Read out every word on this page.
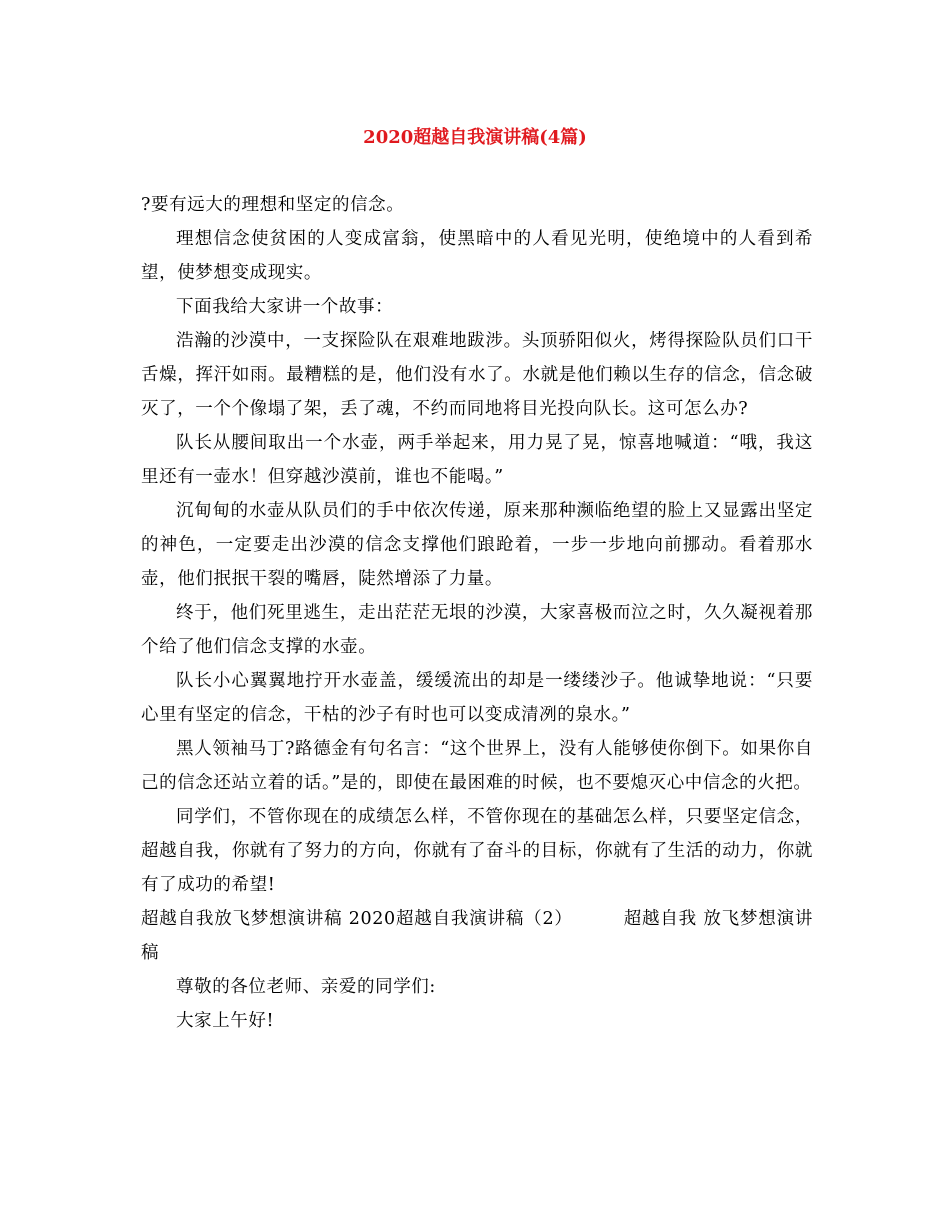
2020超越自我演讲稿(4篇)

?要有远大的理想和坚定的信念。

理想信念使贫困的人变成富翁，使黑暗中的人看见光明，使绝境中的人看到希望，使梦想变成现实。

下面我给大家讲一个故事：

浩瀚的沙漠中，一支探险队在艰难地跋涉。头顶骄阳似火，烤得探险队员们口干舌燥，挥汗如雨。最糟糕的是，他们没有水了。水就是他们赖以生存的信念，信念破灭了，一个个像塌了架，丢了魂，不约而同地将目光投向队长。这可怎么办?

队长从腰间取出一个水壶，两手举起来，用力晃了晃，惊喜地喊道：“哦，我这里还有一壶水！但穿越沙漠前，谁也不能喝。”

沉甸甸的水壶从队员们的手中依次传递，原来那种濒临绝望的脸上又显露出坚定的神色，一定要走出沙漠的信念支撑他们踉跄着，一步一步地向前挪动。看着那水壶，他们抿抿干裂的嘴唇，陡然增添了力量。

终于，他们死里逃生，走出茫茫无垠的沙漠，大家喜极而泣之时，久久凝视着那个给了他们信念支撑的水壶。

队长小心翼翼地拧开水壶盖，缓缓流出的却是一缕缕沙子。他诚挚地说：“只要心里有坚定的信念，干枯的沙子有时也可以变成清冽的泉水。”

黑人领袖马丁?路德金有句名言：“这个世界上，没有人能够使你倒下。如果你自己的信念还站立着的话。”是的，即使在最困难的时候，也不要熄灭心中信念的火把。

同学们，不管你现在的成绩怎么样，不管你现在的基础怎么样，只要坚定信念，超越自我，你就有了努力的方向，你就有了奋斗的目标，你就有了生活的动力，你就有了成功的希望!

超越自我放飞梦想演讲稿 2020超越自我演讲稿（2）        超越自我 放飞梦想演讲稿

尊敬的各位老师、亲爱的同学们:

大家上午好!
